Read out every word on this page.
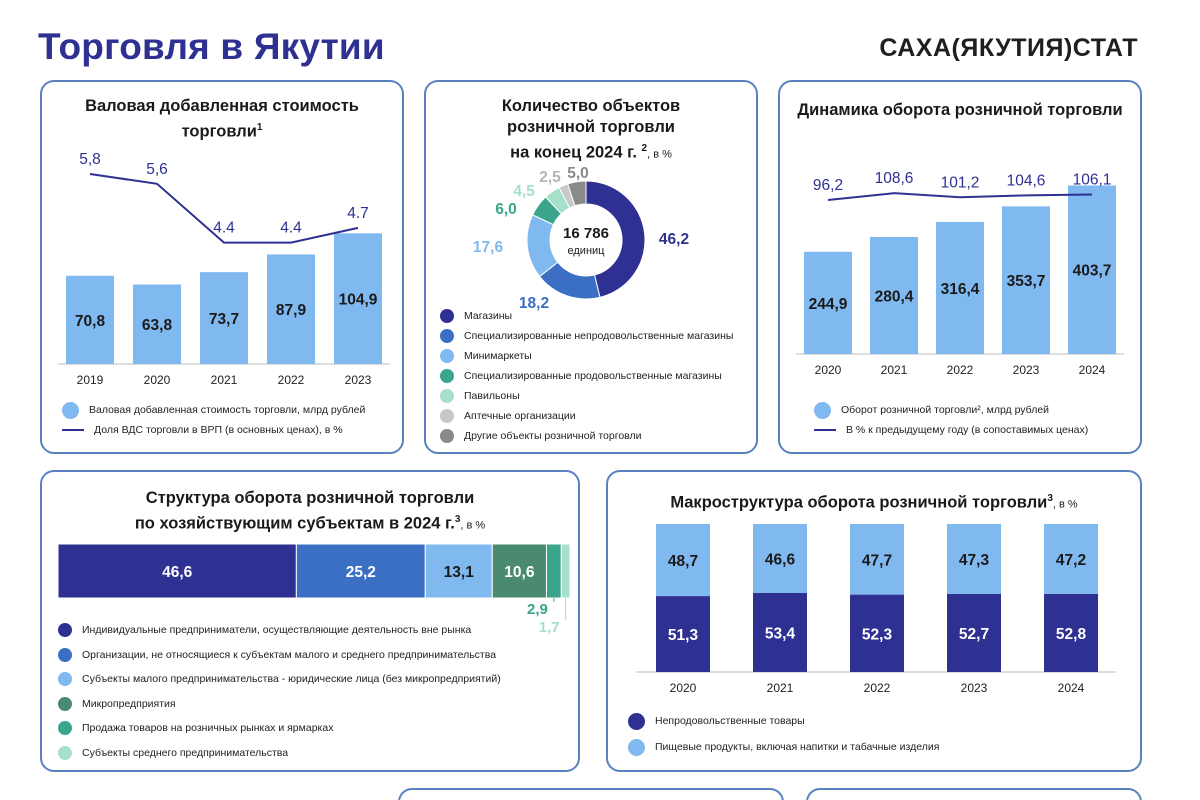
Торговля в Якутии	САХА(ЯКУТИЯ)СТАТ
Валовая добавленная стоимость торговли$^1$
70,8
2019
63,8
2020
73,7
2021
87,9
2022
104,9
2023
5,8
5,6
4.4	4.4
4.7
Валовая добавленная стоимость торговли, млрд рублей
Доля ВДС торговли в ВРП (в основных ценах), в %
Количество объектов
розничной торговли
на конец 2024 г. $^2$, в %
46,2
18,2
17,6
6,0
4,5
2,5 5,0
16 786
единиц
Магазины
Специализированные непродовольственные магазины
Минимаркеты
Специализированные продовольственные магазины
Павильоны
Аптечные организации
Другие объекты розничной торговли
Динамика оборота розничной торговли
244,9
2020
280,4
2021
316,4
2022
353,7
2023
403,7
2024
96,2 108,6 101,2 104,6 106,1
Оборот розничной торговли², млрд рублей
В % к предыдущему году (в сопоставимых ценах)
Структура оборота розничной торговли
по хозяйствующим субъектам в 2024 г.$^3$, в %
46,6	25,2	13,1 10,6
2,9
1,7
Индивидуальные предприниматели, осуществляющие деятельность вне рынка
Организации, не относящиеся к субъектам малого и среднего предпринимательства
Субъекты малого предпринимательства - юридические лица (без микропредприятий)
Микропредприятия
Продажа товаров на розничных рынках и ярмарках
Субъекты среднего предпринимательства
Макроструктура оборота розничной торговли$^3$, в %
51,3
48,7
2020
53,4
46,6
2021
52,3
47,7
2022
52,7
47,3
2023
52,8
47,2
2024
Непродовольственные товары
Пищевые продукты, включая напитки и табачные изделия
